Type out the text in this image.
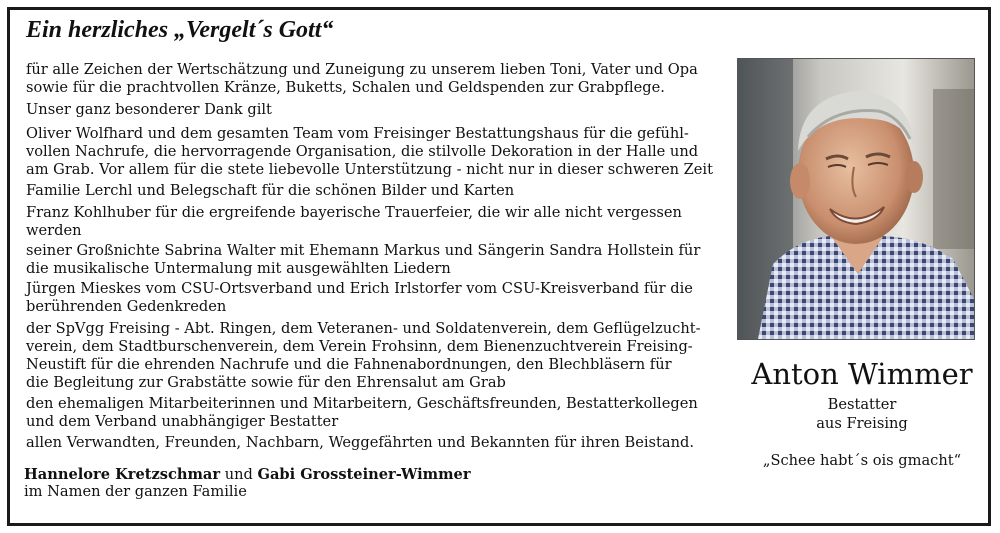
Ein herzliches „Vergelt´s Gott“
für alle Zeichen der Wertschätzung und Zuneigung zu unserem lieben Toni, Vater und Opa
sowie für die prachtvollen Kränze, Buketts, Schalen und Geldspenden zur Grabpflege.
Unser ganz besonderer Dank gilt
Oliver Wolfhard und dem gesamten Team vom Freisinger Bestattungshaus für die gefühl-
vollen Nachrufe, die hervorragende Organisation, die stilvolle Dekoration in der Halle und
am Grab. Vor allem für die stete liebevolle Unterstützung - nicht nur in dieser schweren Zeit
Familie Lerchl und Belegschaft für die schönen Bilder und Karten
Franz Kohlhuber für die ergreifende bayerische Trauerfeier, die wir alle nicht vergessen
werden
seiner Großnichte Sabrina Walter mit Ehemann Markus und Sängerin Sandra Hollstein für
die musikalische Untermalung mit ausgewählten Liedern
Jürgen Mieskes vom CSU-Ortsverband und Erich Irlstorfer vom CSU-Kreisverband für die
berührenden Gedenkreden
der SpVgg Freising - Abt. Ringen, dem Veteranen- und Soldatenverein, dem Geflügelzucht-
verein, dem Stadtburschenverein, dem Verein Frohsinn, dem Bienenzuchtverein Freising-
Neustift für die ehrenden Nachrufe und die Fahnenabordnungen, den Blechbläsern für
die Begleitung zur Grabstätte sowie für den Ehrensalut am Grab
den ehemaligen Mitarbeiterinnen und Mitarbeitern, Geschäftsfreunden, Bestatterkollegen
und dem Verband unabhängiger Bestatter
allen Verwandten, Freunden, Nachbarn, Weggefährten und Bekannten für ihren Beistand.
Hannelore Kretzschmar und Gabi Grossteiner-Wimmer
im Namen der ganzen Familie
Anton Wimmer
Bestatter
aus Freising
„Schee habt´s ois gmacht“
